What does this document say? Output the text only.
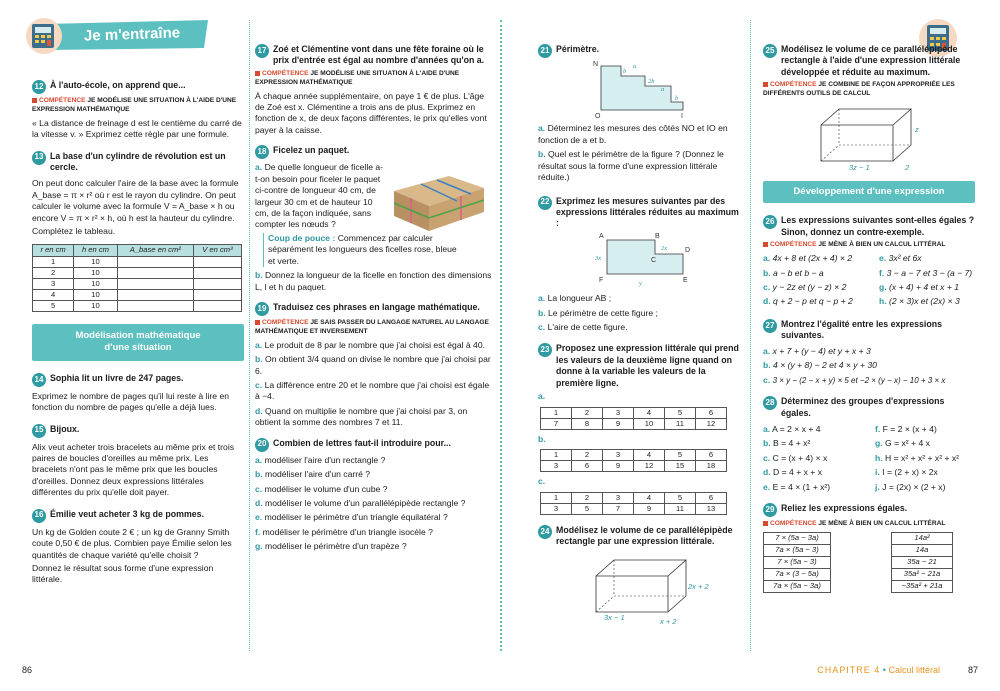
Je m'entraîne
12 À l'auto-école, on apprend que...
COMPÉTENCE JE MODÉLISE UNE SITUATION À L'AIDE D'UNE EXPRESSION MATHÉMATIQUE
« La distance de freinage d est le centième du carré de la vitesse v. » Exprimez cette règle par une formule.
13 La base d'un cylindre de révolution est un cercle.
On peut donc calculer l'aire de la base avec la formule A_base = π × r² où r est le rayon du cylindre. On peut calculer le volume avec la formule V = A_base × h ou encore V = π × r² × h, où h est la hauteur du cylindre.
Complétez le tableau.
r en cm	h en cm	A_base en cm²	V en cm³
1	10		
2	10		
3	10		
4	10		
5	10		
Modélisation mathématique d'une situation
14 Sophia lit un livre de 247 pages.
Exprimez le nombre de pages qu'il lui reste à lire en fonction du nombre de pages qu'elle a déjà lues.
15 Bijoux.
Alix veut acheter trois bracelets au même prix et trois paires de boucles d'oreilles au même prix. Les bracelets n'ont pas le même prix que les boucles d'oreilles. Donnez deux expressions littérales différentes du prix qu'elle doit payer.
16 Émilie veut acheter 3 kg de pommes.
Un kg de Golden coute 2 € ; un kg de Granny Smith coute 0,50 € de plus. Combien paye Émilie selon les quantités de chaque variété qu'elle choisit ?
Donnez le résultat sous forme d'une expression littérale.
17 Zoé et Clémentine vont dans une fête foraine où le prix d'entrée est égal au nombre d'années qu'on a.
COMPÉTENCE JE MODÉLISE UNE SITUATION À L'AIDE D'UNE EXPRESSION MATHÉMATIQUE
À chaque année supplémentaire, on paye 1 € de plus. L'âge de Zoé est x. Clémentine a trois ans de plus. Exprimez en fonction de x, de deux façons différentes, le prix qu'elles vont payer à la caisse.
18 Ficelez un paquet.
a. De quelle longueur de ficelle a-t-on besoin pour ficeler le paquet ci-contre de longueur 40 cm, de largeur 30 cm et de hauteur 10 cm, de la façon indiquée, sans compter les nœuds ?
Coup de pouce : Commencez par calculer séparément les longueurs des ficelles rose, bleue et verte.
b. Donnez la longueur de la ficelle en fonction des dimensions L, l et h du paquet.
19 Traduisez ces phrases en langage mathématique.
COMPÉTENCE JE SAIS PASSER DU LANGAGE NATUREL AU LANGAGE MATHÉMATIQUE ET INVERSEMENT
a. Le produit de 8 par le nombre que j'ai choisi est égal à 40.
b. On obtient 3/4 quand on divise le nombre que j'ai choisi par 6.
c. La différence entre 20 et le nombre que j'ai choisi est égale à −4.
d. Quand on multiplie le nombre que j'ai choisi par 3, on obtient la somme des nombres 7 et 11.
20 Combien de lettres faut-il introduire pour...
a. modéliser l'aire d'un rectangle ?
b. modéliser l'aire d'un carré ?
c. modéliser le volume d'un cube ?
d. modéliser le volume d'un parallélépipède rectangle ?
e. modéliser le périmètre d'un triangle équilatéral ?
f. modéliser le périmètre d'un triangle isocèle ?
g. modéliser le périmètre d'un trapèze ?
21 Périmètre.
N
O	I
b
a
2b
a
b
a. Déterminez les mesures des côtés NO et IO en fonction de a et b.
b. Quel est le périmètre de la figure ? (Donnez le résultat sous la forme d'une expression littérale réduite.)
22 Exprimez les mesures suivantes par des expressions littérales réduites au maximum :
A	B
D
C
F	E
3x
2x
y
a. La longueur AB ;
b. Le périmètre de cette figure ;
c. L'aire de cette figure.
23 Proposez une expression littérale qui prend les valeurs de la deuxième ligne quand on donne à la variable les valeurs de la première ligne.
a.
1	2	3	4	5	6
7	8	9	10	11	12
b.
1	2	3	4	5	6
3	6	9	12	15	18
c.
1	2	3	4	5	6
3	5	7	9	11	13
24 Modélisez le volume de ce parallélépipède rectangle par une expression littérale.
2x + 2
3x − 1	x + 2
25 Modélisez le volume de ce parallélépipède rectangle à l'aide d'une expression littérale développée et réduite au maximum.
COMPÉTENCE JE COMBINE DE FAÇON APPROPRIÉE LES DIFFÉRENTS OUTILS DE CALCUL
z
3z − 1	2
Développement d'une expression
26 Les expressions suivantes sont-elles égales ? Sinon, donnez un contre-exemple.
COMPÉTENCE JE MÈNE À BIEN UN CALCUL LITTÉRAL
a. 4x + 8 et (2x + 4) × 2	e. 3x² et 6x
b. a − b et b − a	f. 3 − a − 7 et 3 − (a − 7)
c. y − 2z et (y − z) × 2	g. (x + 4) + 4 et x + 1
d. q + 2 − p et q − p + 2	h. (2 × 3)x et (2x) × 3
27 Montrez l'égalité entre les expressions suivantes.
a. x + 7 + (y − 4) et y + x + 3
b. 4 × (y + 8) − 2 et 4 × y + 30
c. 3 × y − (2 − x + y) × 5 et −2 × (y − x) − 10 + 3 × x
28 Déterminez des groupes d'expressions égales.
a. A = 2 × x + 4	f. F = 2 × (x + 4)
b. B = 4 + x²	g. G = x² + 4 x
c. C = (x + 4) × x	h. H = x² + x² + x² + x²
d. D = 4 + x + x	i. I = (2 + x) × 2x
e. E = 4 × (1 + x²)	j. J = (2x) × (2 + x)
29 Reliez les expressions égales.
COMPÉTENCE JE MÈNE À BIEN UN CALCUL LITTÉRAL
7 × (5a − 3a)
7a × (5a − 3)
7 × (5a − 3)
7a × (3 − 5a)
7a × (5a − 3a)
14a²
14a
35a − 21
35a² − 21a
−35a² + 21a
86	CHAPITRE 4 • Calcul littéral	87
